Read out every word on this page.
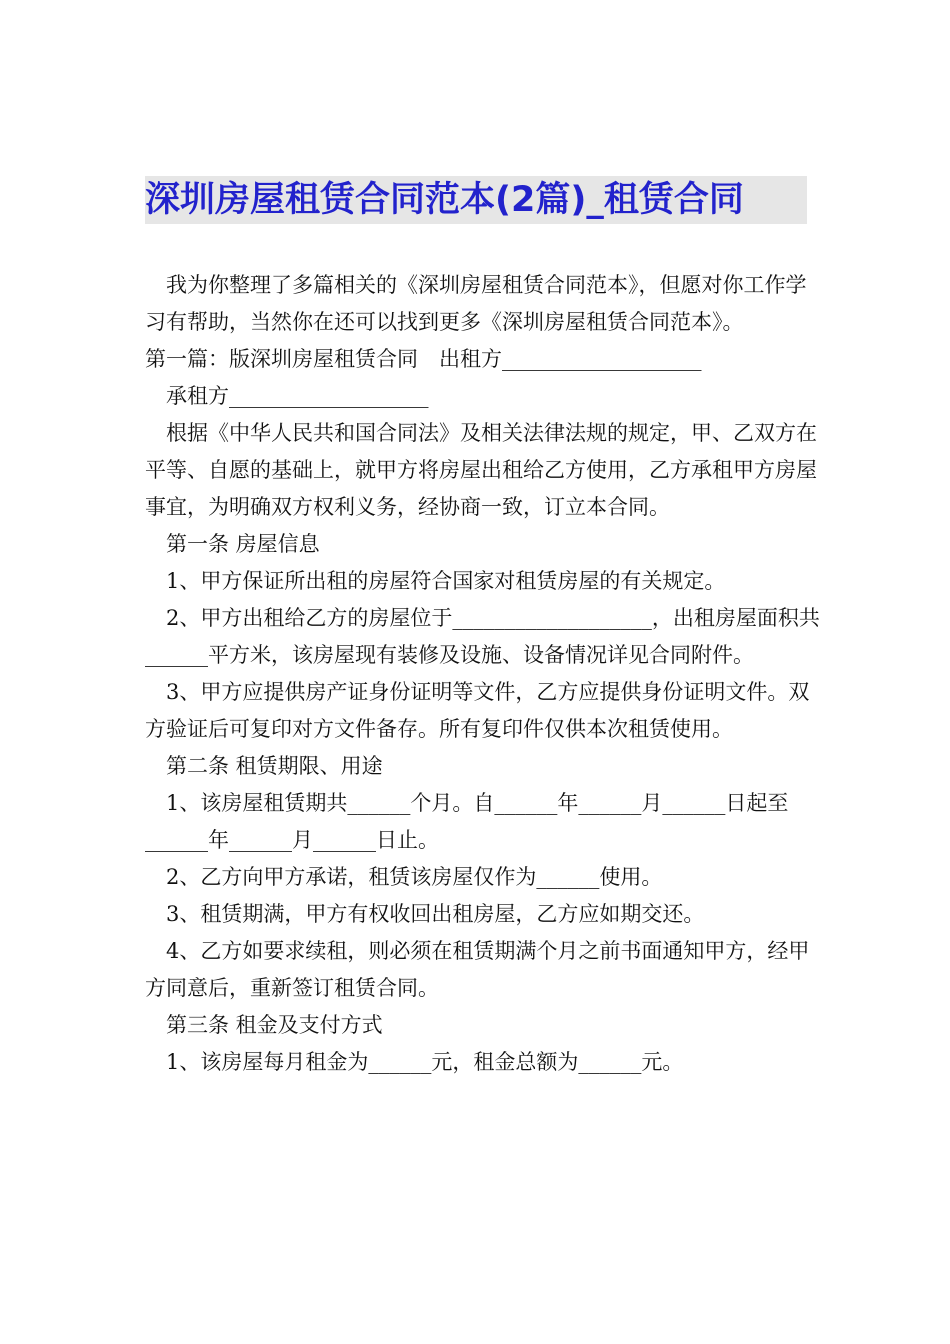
深圳房屋租赁合同范本(2篇)_租赁合同

我为你整理了多篇相关的《深圳房屋租赁合同范本》，但愿对你工作学习有帮助，当然你在还可以找到更多《深圳房屋租赁合同范本》。

第一篇：版深圳房屋租赁合同　出租方___________________

承租方___________________

根据《中华人民共和国合同法》及相关法律法规的规定，甲、乙双方在平等、自愿的基础上，就甲方将房屋出租给乙方使用，乙方承租甲方房屋事宜，为明确双方权利义务，经协商一致，订立本合同。

第一条 房屋信息

1、甲方保证所出租的房屋符合国家对租赁房屋的有关规定。

2、甲方出租给乙方的房屋位于___________________，出租房屋面积共______平方米，该房屋现有装修及设施、设备情况详见合同附件。

3、甲方应提供房产证身份证明等文件，乙方应提供身份证明文件。双方验证后可复印对方文件备存。所有复印件仅供本次租赁使用。

第二条 租赁期限、用途

1、该房屋租赁期共______个月。自______年______月______日起至______年______月______日止。

2、乙方向甲方承诺，租赁该房屋仅作为______使用。

3、租赁期满，甲方有权收回出租房屋，乙方应如期交还。

4、乙方如要求续租，则必须在租赁期满个月之前书面通知甲方，经甲方同意后，重新签订租赁合同。

第三条 租金及支付方式

1、该房屋每月租金为______元，租金总额为______元。
